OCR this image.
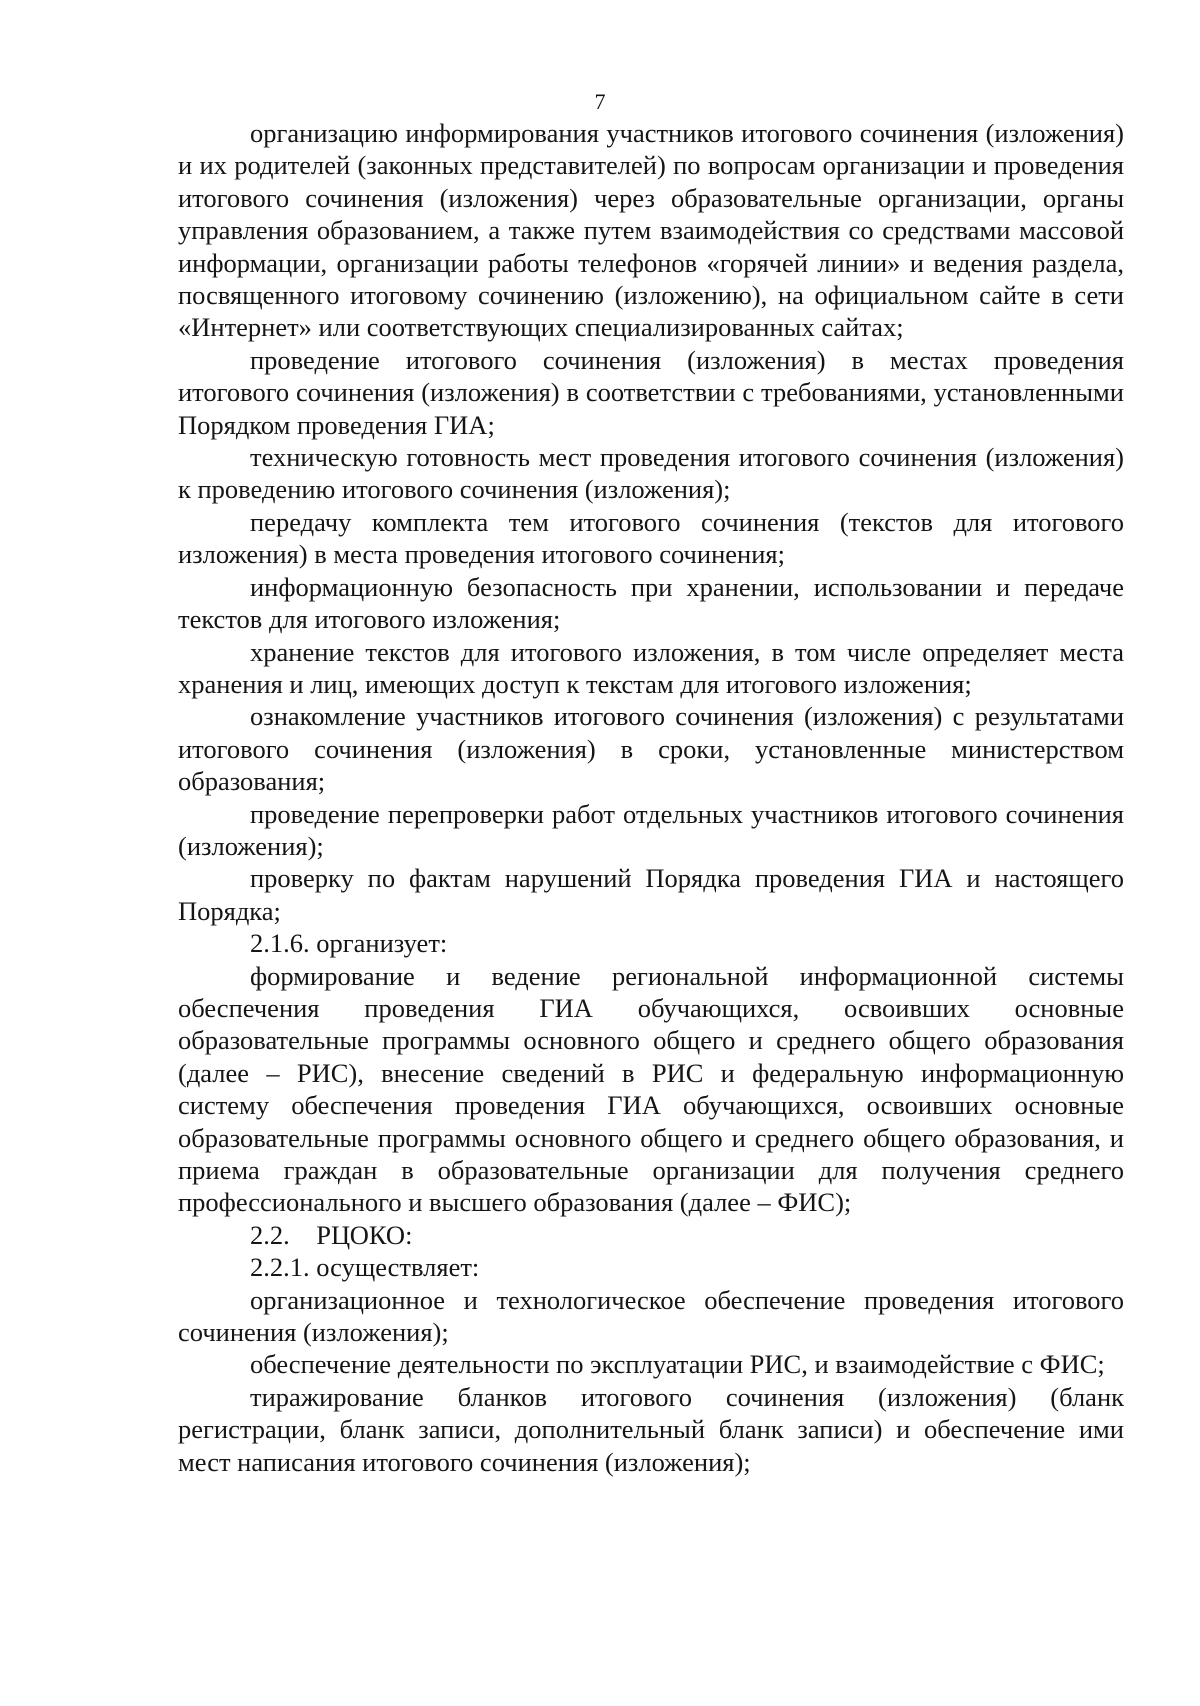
7

организацию информирования участников итогового сочинения (изложения) и их родителей (законных представителей) по вопросам организации и проведения итогового сочинения (изложения) через образовательные организации, органы управления образованием, а также путем взаимодействия со средствами массовой информации, организации работы телефонов «горячей линии» и ведения раздела, посвященного итоговому сочинению (изложению), на официальном сайте в сети «Интернет» или соответствующих специализированных сайтах;

проведение итогового сочинения (изложения) в местах проведения итогового сочинения (изложения) в соответствии с требованиями, установленными Порядком проведения ГИА;

техническую готовность мест проведения итогового сочинения (изложения) к проведению итогового сочинения (изложения);

передачу комплекта тем итогового сочинения (текстов для итогового изложения) в места проведения итогового сочинения;

информационную безопасность при хранении, использовании и передаче текстов для итогового изложения;

хранение текстов для итогового изложения, в том числе определяет места хранения и лиц, имеющих доступ к текстам для итогового изложения;

ознакомление участников итогового сочинения (изложения) с результатами итогового сочинения (изложения) в сроки, установленные министерством образования;

проведение перепроверки работ отдельных участников итогового сочинения (изложения);

проверку по фактам нарушений Порядка проведения ГИА и настоящего Порядка;

2.1.6. организует:

формирование и ведение региональной информационной системы обеспечения проведения ГИА обучающихся, освоивших основные образовательные программы основного общего и среднего общего образования (далее – РИС), внесение сведений в РИС и федеральную информационную систему обеспечения проведения ГИА обучающихся, освоивших основные образовательные программы основного общего и среднего общего образования, и приема граждан в образовательные организации для получения среднего профессионального и высшего образования (далее – ФИС);

2.2.    РЦОКО:

2.2.1. осуществляет:

организационное и технологическое обеспечение проведения итогового сочинения (изложения);

обеспечение деятельности по эксплуатации РИС, и взаимодействие с ФИС;

тиражирование бланков итогового сочинения (изложения) (бланк регистрации, бланк записи, дополнительный бланк записи) и обеспечение ими мест написания итогового сочинения (изложения);
